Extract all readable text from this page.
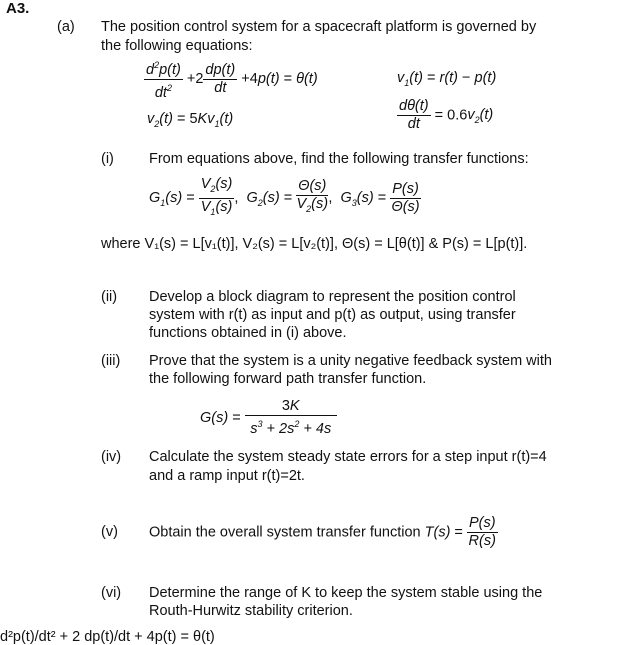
A3.
(a) The position control system for a spacecraft platform is governed by
the following equations:
$\frac{d^2p(t)}{dt^2} +2 \frac{dp(t)}{dt} +4p(t) = \theta(t)$	$v_1(t) = r(t) - p(t)$
$v_2(t) = 5Kv_1(t)$	$\frac{d\theta(t)}{dt} = 0.6v_2(t)$
(i) From equations above, find the following transfer functions:
$G_1(s) = \frac{V_2(s)}{V_1(s)}$ ,  $G_2(s) = \frac{\Theta(s)}{V_2(s)}$ ,  $G_3(s) = \frac{P(s)}{\Theta(s)}$
where V₁(s) = L[v₁(t)], V₂(s) = L[v₂(t)], Θ(s) = L[θ(t)] & P(s) = L[p(t)].
(ii) Develop a block diagram to represent the position control
system with r(t) as input and p(t) as output, using transfer
functions obtained in (i) above.
(iii) Prove that the system is a unity negative feedback system with
the following forward path transfer function.
$G(s) = \frac{3K}{s^3 + 2s^2 + 4s}$
(iv) Calculate the system steady state errors for a step input r(t)=4
and a ramp input r(t)=2t.
(v) Obtain the overall system transfer function $T(s) = \frac{P(s)}{R(s)}$
(vi) Determine the range of K to keep the system stable using the
Routh-Hurwitz stability criterion.
d²p(t)/dt² + 2 dp(t)/dt + 4p(t) = θ(t)
